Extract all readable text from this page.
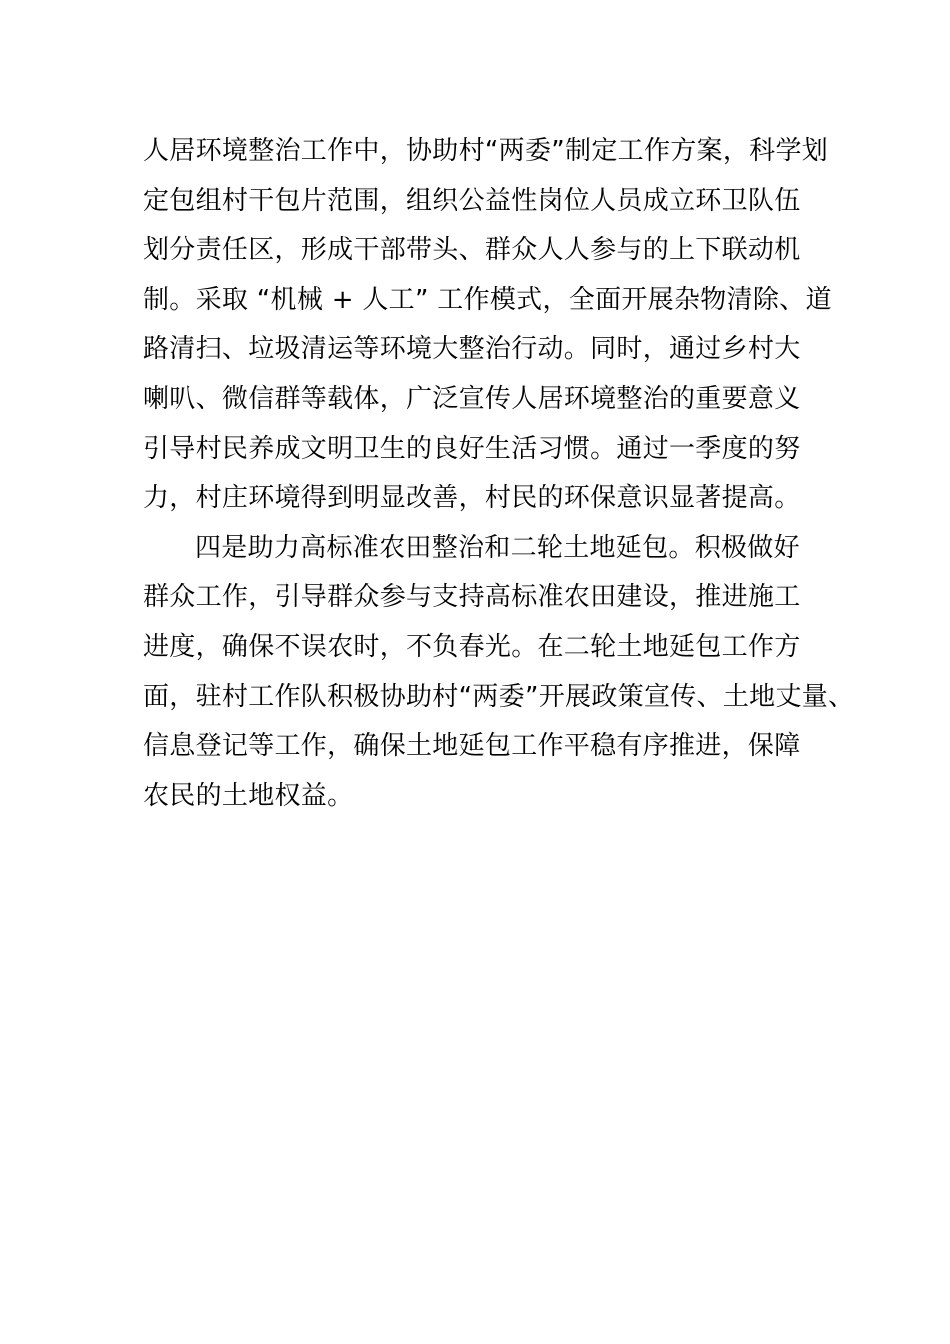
人居环境整治工作中，协助村“两委”制定工作方案，科学划
定包组村干包片范围，组织公益性岗位人员成立环卫队伍
划分责任区，形成干部带头、群众人人参与的上下联动机
制。采取 “机械 + 人工” 工作模式，全面开展杂物清除、道
路清扫、垃圾清运等环境大整治行动。同时，通过乡村大
喇叭、微信群等载体，广泛宣传人居环境整治的重要意义
引导村民养成文明卫生的良好生活习惯。通过一季度的努
力，村庄环境得到明显改善，村民的环保意识显著提高。
四是助力高标准农田整治和二轮土地延包。积极做好
群众工作，引导群众参与支持高标准农田建设，推进施工
进度，确保不误农时，不负春光。在二轮土地延包工作方
面，驻村工作队积极协助村“两委”开展政策宣传、土地丈量、
信息登记等工作，确保土地延包工作平稳有序推进，保障
农民的土地权益。
